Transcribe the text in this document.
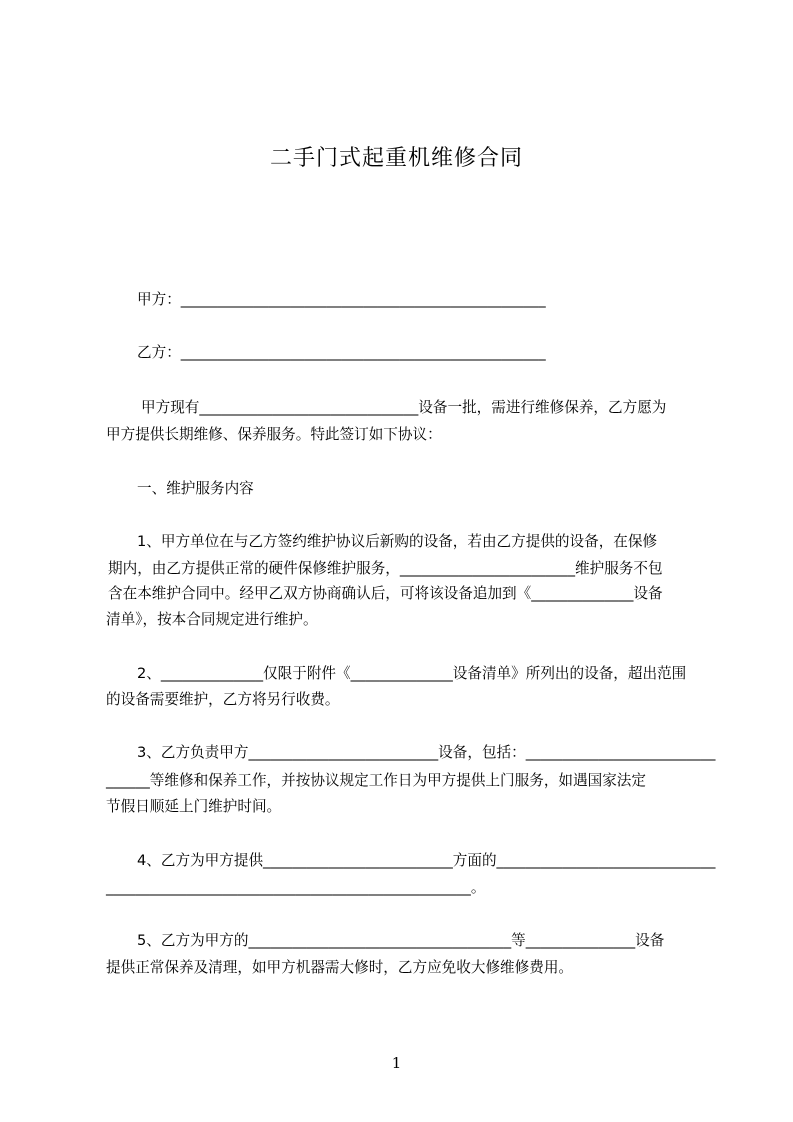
二手门式起重机维修合同
甲方：__________________________________________________
乙方：__________________________________________________
甲方现有______________________________设备一批，需进行维修保养，乙方愿为
甲方提供长期维修、保养服务。特此签订如下协议：
一、维护服务内容
1、甲方单位在与乙方签约维护协议后新购的设备，若由乙方提供的设备，在保修
期内，由乙方提供正常的硬件保修维护服务，________________________维护服务不包
含在本维护合同中。经甲乙双方协商确认后，可将该设备追加到《______________设备
清单》，按本合同规定进行维护。
2、______________仅限于附件《______________设备清单》所列出的设备，超出范围
的设备需要维护，乙方将另行收费。
3、乙方负责甲方__________________________设备，包括：__________________________
______等维修和保养工作，并按协议规定工作日为甲方提供上门服务，如遇国家法定
节假日顺延上门维护时间。
4、乙方为甲方提供__________________________方面的______________________________
__________________________________________________。
5、乙方为甲方的____________________________________等_______________设备
提供正常保养及清理，如甲方机器需大修时，乙方应免收大修维修费用。
1
